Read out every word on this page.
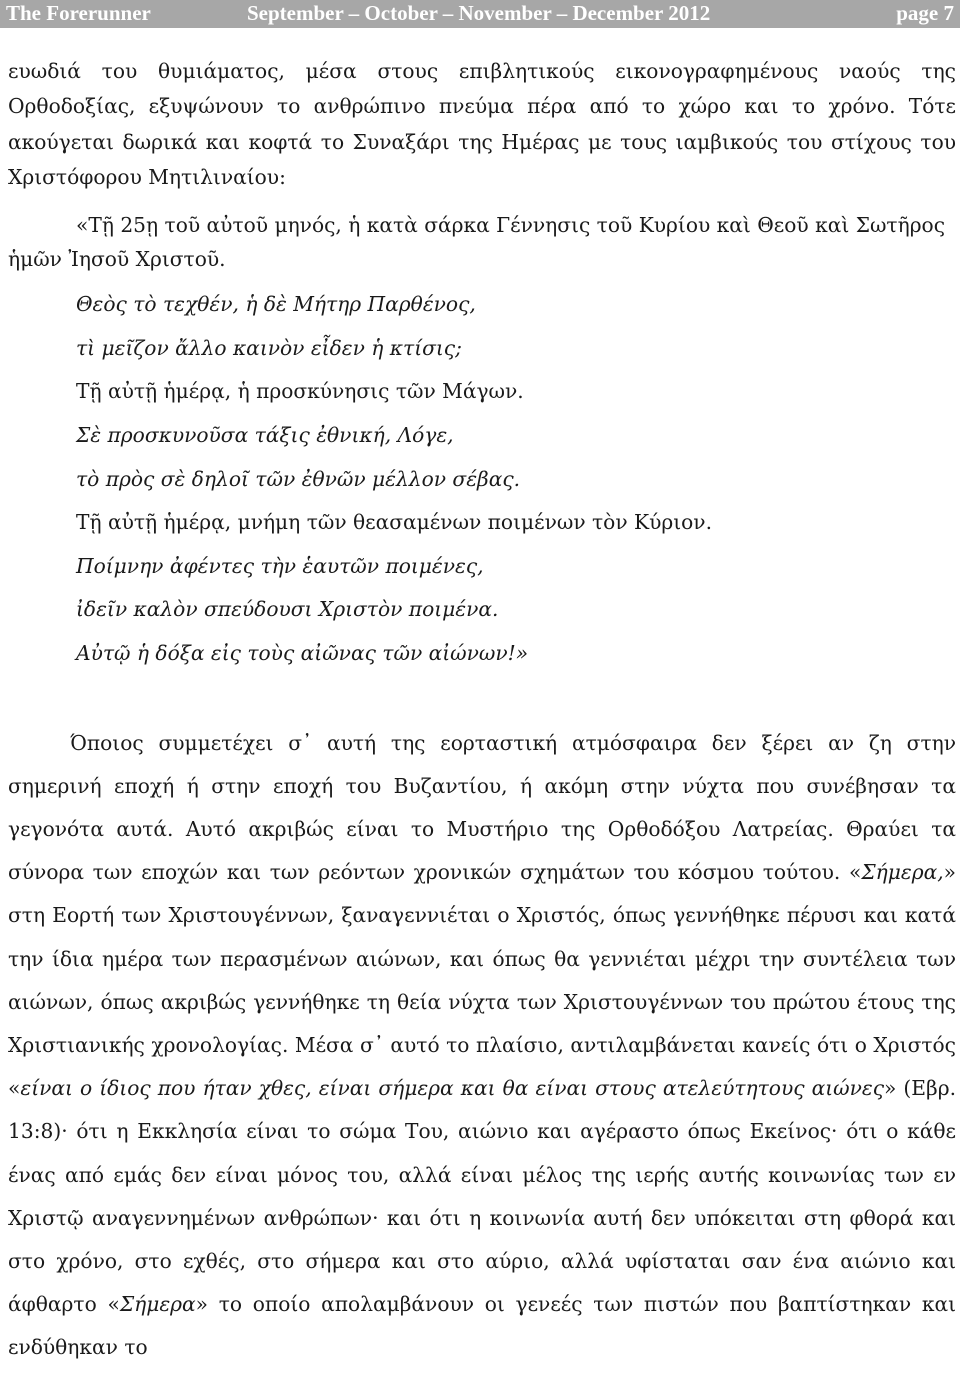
The Forerunner	September – October – November – December 2012	page 7

ευωδιά του θυμιάματος, μέσα στους επιβλητικούς εικονογραφημένους ναούς της Ορθοδοξίας, εξυψώνουν το ανθρώπινο πνεύμα πέρα από το χώρο και το χρόνο. Τότε ακούγεται δωρικά και κοφτά το Συναξάρι της Ημέρας με τους ιαμβικούς του στίχους του Χριστόφορου Μητιλιναίου:

«Τῇ 25ῃ τοῦ αὐτοῦ μηνός, ἡ κατὰ σάρκα Γέννησις τοῦ Κυρίου καὶ Θεοῦ καὶ Σωτῆρος ἡμῶν Ἰησοῦ Χριστοῦ.

Θεὸς τὸ τεχθέν, ἡ δὲ Μήτηρ Παρθένος,
τὶ μεῖζον ἄλλο καινὸν εἶδεν ἡ κτίσις;
Τῇ αὐτῇ ἡμέρᾳ, ἡ προσκύνησις τῶν Μάγων.
Σὲ προσκυνοῦσα τάξις ἐθνική, Λόγε,
τὸ πρὸς σὲ δηλοῖ τῶν ἐθνῶν μέλλον σέβας.
Τῇ αὐτῇ ἡμέρᾳ, μνήμη τῶν θεασαμένων ποιμένων τὸν Κύριον.
Ποίμνην ἀφέντες τὴν ἑαυτῶν ποιμένες,
ἰδεῖν καλὸν σπεύδουσι Χριστὸν ποιμένα.
Αὐτῷ ἡ δόξα εἰς τοὺς αἰῶνας τῶν αἰώνων!»

Όποιος συμμετέχει σ᾽ αυτή της εορταστική ατμόσφαιρα δεν ξέρει αν ζη στην σημερινή εποχή ή στην εποχή του Βυζαντίου, ή ακόμη στην νύχτα που συνέβησαν τα γεγονότα αυτά. Αυτό ακριβώς είναι το Μυστήριο της Ορθοδόξου Λατρείας. Θραύει τα σύνορα των εποχών και των ρεόντων χρονικών σχημάτων του κόσμου τούτου. «Σήμερα,» στη Εορτή των Χριστουγέννων, ξαναγεννιέται ο Χριστός, όπως γεννήθηκε πέρυσι και κατά την ίδια ημέρα των περασμένων αιώνων, και όπως θα γεννιέται μέχρι την συντέλεια των αιώνων, όπως ακριβώς γεννήθηκε τη θεία νύχτα των Χριστουγέννων του πρώτου έτους της Χριστιανικής χρονολογίας. Μέσα σ᾽ αυτό το πλαίσιο, αντιλαμβάνεται κανείς ότι ο Χριστός «είναι ο ίδιος που ήταν χθες, είναι σήμερα και θα είναι στους ατελεύτητους αιώνες» (Εβρ. 13:8)· ότι η Εκκλησία είναι το σώμα Του, αιώνιο και αγέραστο όπως Εκείνος· ότι ο κάθε ένας από εμάς δεν είναι μόνος του, αλλά είναι μέλος της ιερής αυτής κοινωνίας των εν Χριστῷ αναγεννημένων ανθρώπων· και ότι η κοινωνία αυτή δεν υπόκειται στη φθορά και στο χρόνο, στο εχθές, στο σήμερα και στο αύριο, αλλά υφίσταται σαν ένα αιώνιο και άφθαρτο «Σήμερα» το οποίο απολαμβάνουν οι γενεές των πιστών που βαπτίστηκαν και ενδύθηκαν το
